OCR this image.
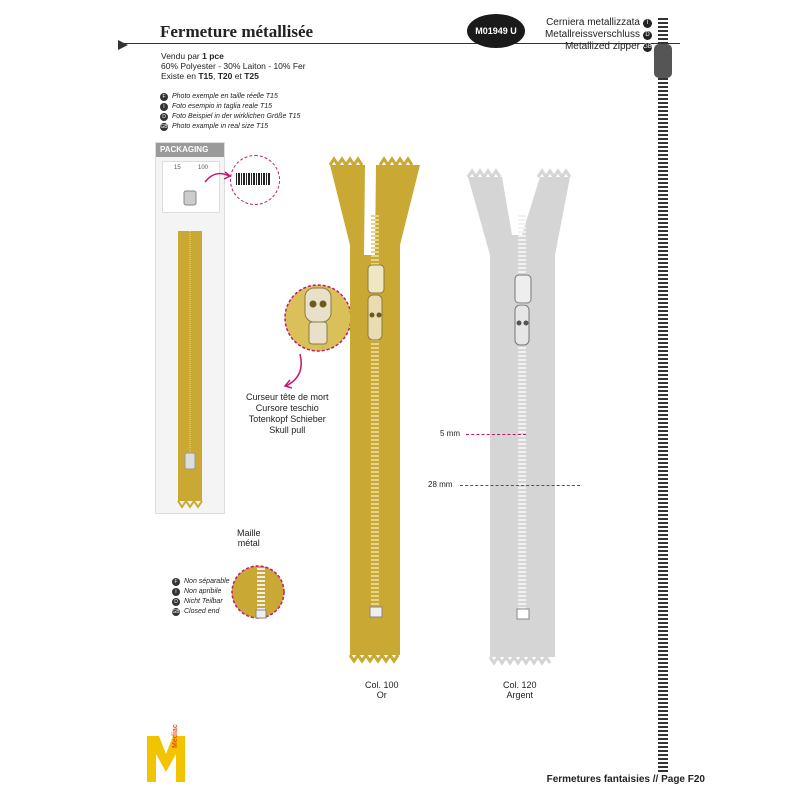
Fermeture métallisée	M01949 U
Cerniera metallizzata	I
Metallreissverschluss D
Metallized zipper GB
Vendu par 1 pce
60% Polyester - 30% Laiton - 10% Fer
Existe en T15, T20 et T25
F Photo exemple en taille réelle T15
I	Foto esempio in taglia reale T15
D Foto Beispiel in der wirklichen Größe T15
GB Photo example in real size T15
PACKAGING
15	100
Curseur tête de mort
Cursore teschio
Totenkopf Schieber
Skull pull	5 mm
28 mm
Maille
métal
F Non séparable
I	Non apribile
D Nicht Teilbar
GB Closed end
Col. 100
Or
Col. 120
Argent
Mediac
Fermetures fantaisies // Page F20
